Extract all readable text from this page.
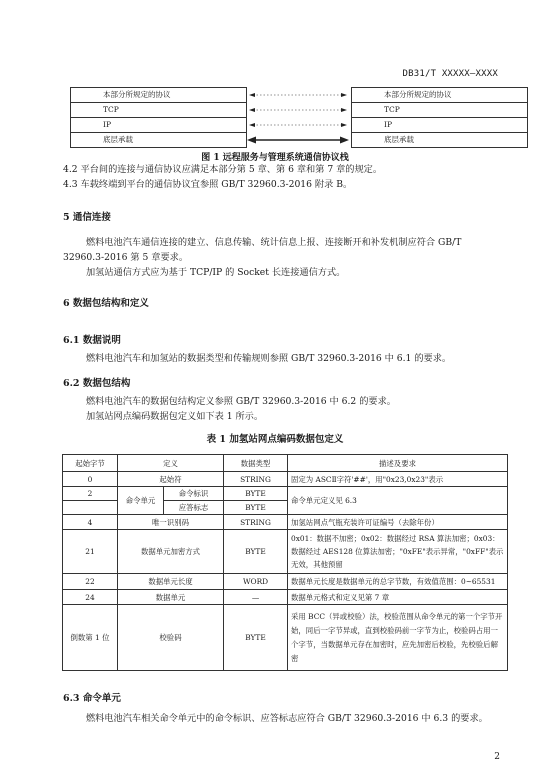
DB31/T XXXXX—XXXX
本部分所规定的协议
TCP
IP
底层承载
本部分所规定的协议
TCP
IP
底层承载
图 1 远程服务与管理系统通信协议栈
4.2 平台间的连接与通信协议应满足本部分第 5 章、第 6 章和第 7 章的规定。
4.3 车载终端到平台的通信协议宜参照 GB/T 32960.3-2016 附录 B。
5 通信连接
燃料电池汽车通信连接的建立、信息传输、统计信息上报、连接断开和补发机制应符合 GB/T
32960.3-2016 第 5 章要求。
加氢站通信方式应为基于 TCP/IP 的 Socket 长连接通信方式。
6 数据包结构和定义
6.1 数据说明
燃料电池汽车和加氢站的数据类型和传输规则参照 GB/T 32960.3-2016 中 6.1 的要求。
6.2 数据包结构
燃料电池汽车的数据包结构定义参照 GB/T 32960.3-2016 中 6.2 的要求。
加氢站网点编码数据包定义如下表 1 所示。
表 1 加氢站网点编码数据包定义
起始字节	定义		数据类型	描述及要求
0	起始符		STRING	固定为 ASCⅡ字符'##'，用"0x23,0x23"表示
2	命令单元	命令标识	BYTE	命令单元定义见 6.3
		应答标志	BYTE	
4	唯一识别码		STRING	加氢站网点气瓶充装许可证编号（去除年份）
21	数据单元加密方式		BYTE	0x01：数据不加密；0x02：数据经过 RSA 算法加密；0x03：数据经过 AES128 位算法加密；"0xFE"表示异常，"0xFF"表示无效，其他预留
22	数据单元长度		WORD	数据单元长度是数据单元的总字节数，有效值范围：0~65531
24	数据单元		—	数据单元格式和定义见第 7 章
倒数第 1 位	校验码		BYTE	采用 BCC（异或校验）法，校验范围从命令单元的第一个字节开始，同后一字节异或，直到校验码前一字节为止，校验码占用一个字节，当数据单元存在加密时，应先加密后校验，先校验后解密
6.3 命令单元
燃料电池汽车相关命令单元中的命令标识、应答标志应符合 GB/T 32960.3-2016 中 6.3 的要求。
2
